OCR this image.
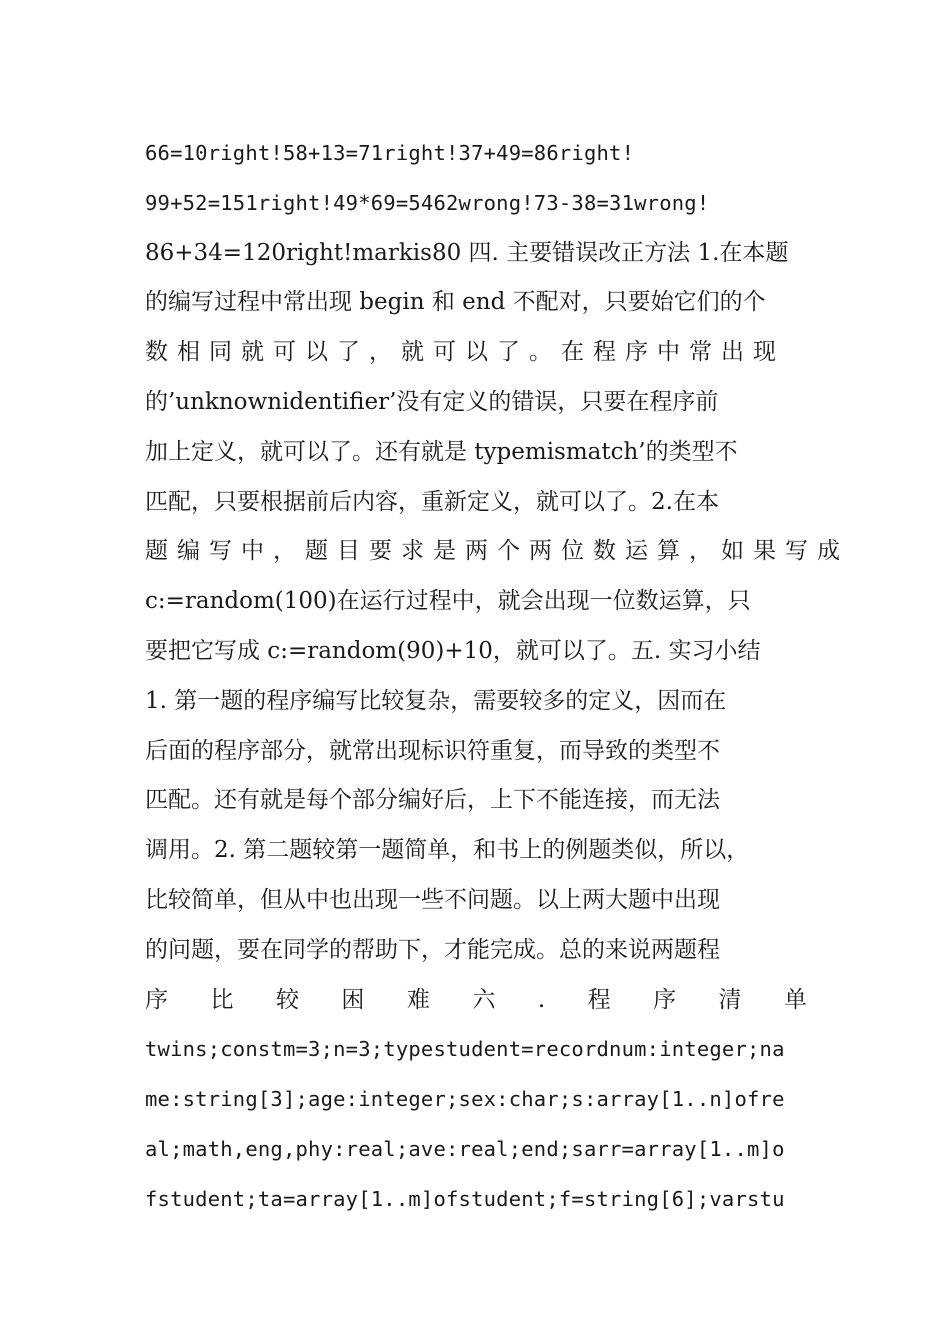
66=10right!58+13=71right!37+49=86right!
99+52=151right!49*69=5462wrong!73-38=31wrong!
86+34=120right!markis80 四. 主要错误改正方法 1.在本题
的编写过程中常出现 begin 和 end 不配对，只要始它们的个
数相同就可以了，就可以了。在程序中常出现
的’unknownidentifier’没有定义的错误，只要在程序前
加上定义，就可以了。还有就是 typemismatch’的类型不
匹配，只要根据前后内容，重新定义，就可以了。2.在本
题编写中，题目要求是两个两位数运算，如果写成
c:=random(100)在运行过程中，就会出现一位数运算，只
要把它写成 c:=random(90)+10，就可以了。五. 实习小结
1. 第一题的程序编写比较复杂，需要较多的定义，因而在
后面的程序部分，就常出现标识符重复，而导致的类型不
匹配。还有就是每个部分编好后，上下不能连接，而无法
调用。2. 第二题较第一题简单，和书上的例题类似，所以，
比较简单，但从中也出现一些不问题。以上两大题中出现
的问题，要在同学的帮助下，才能完成。总的来说两题程
序 比 较 困 难 六 . 程 序 清 单
twins;constm=3;n=3;typestudent=recordnum:integer;na
me:string[3];age:integer;sex:char;s:array[1..n]ofre
al;math,eng,phy:real;ave:real;end;sarr=array[1..m]o
fstudent;ta=array[1..m]ofstudent;f=string[6];varstu
